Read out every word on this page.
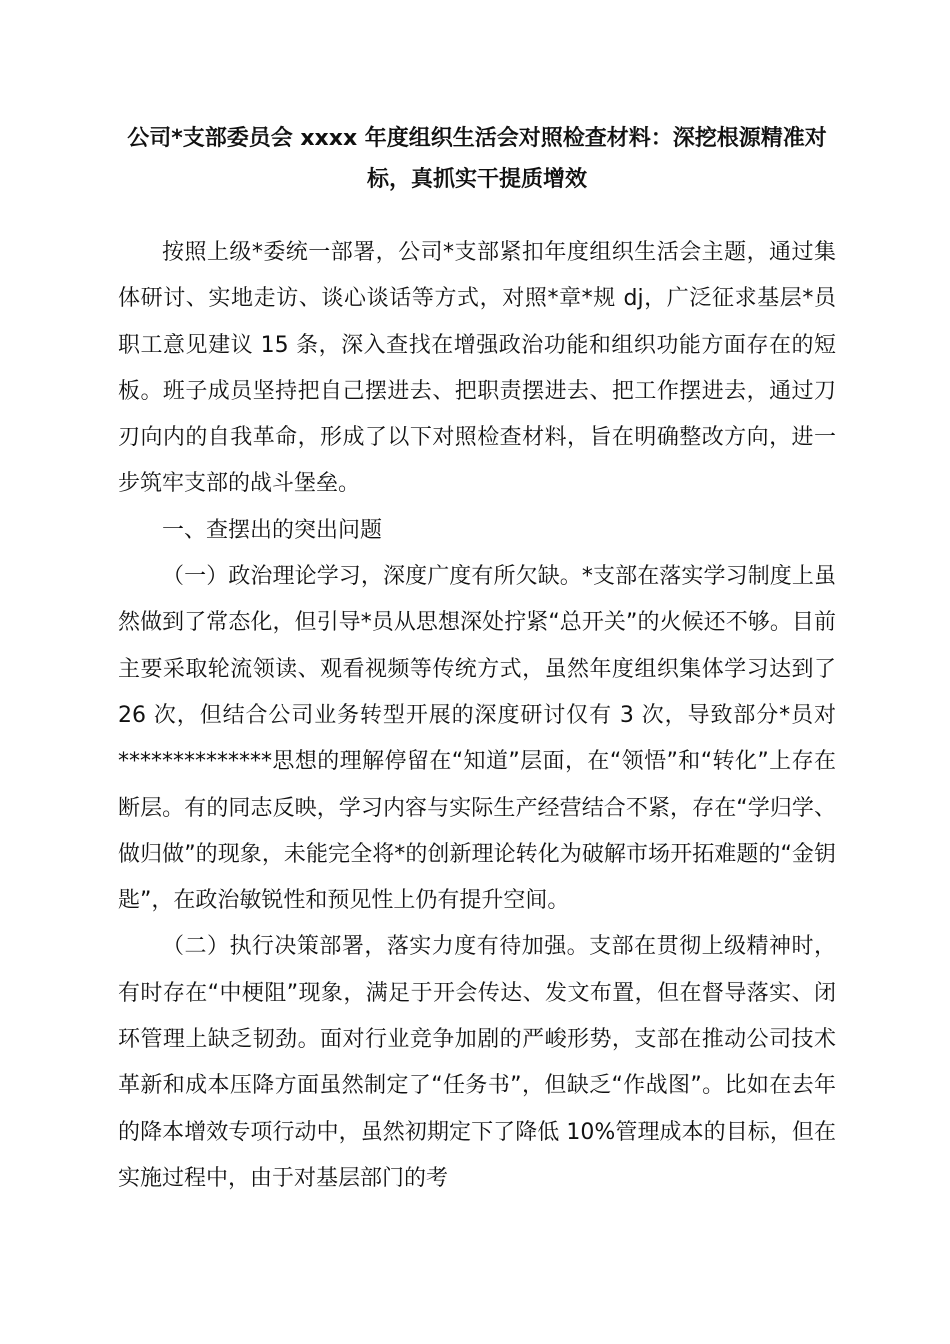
公司*支部委员会 xxxx 年度组织生活会对照检查材料：深挖根源精准对标，真抓实干提质增效

按照上级*委统一部署，公司*支部紧扣年度组织生活会主题，通过集体研讨、实地走访、谈心谈话等方式，对照*章*规 dj，广泛征求基层*员职工意见建议 15 条，深入查找在增强政治功能和组织功能方面存在的短板。班子成员坚持把自己摆进去、把职责摆进去、把工作摆进去，通过刀刃向内的自我革命，形成了以下对照检查材料，旨在明确整改方向，进一步筑牢支部的战斗堡垒。

一、查摆出的突出问题

（一）政治理论学习，深度广度有所欠缺。*支部在落实学习制度上虽然做到了常态化，但引导*员从思想深处拧紧“总开关”的火候还不够。目前主要采取轮流领读、观看视频等传统方式，虽然年度组织集体学习达到了 26 次，但结合公司业务转型开展的深度研讨仅有 3 次，导致部分*员对**************思想的理解停留在“知道”层面，在“领悟”和“转化”上存在断层。有的同志反映，学习内容与实际生产经营结合不紧，存在“学归学、做归做”的现象，未能完全将*的创新理论转化为破解市场开拓难题的“金钥匙”，在政治敏锐性和预见性上仍有提升空间。

（二）执行决策部署，落实力度有待加强。支部在贯彻上级精神时，有时存在“中梗阻”现象，满足于开会传达、发文布置，但在督导落实、闭环管理上缺乏韧劲。面对行业竞争加剧的严峻形势，支部在推动公司技术革新和成本压降方面虽然制定了“任务书”，但缺乏“作战图”。比如在去年的降本增效专项行动中，虽然初期定下了降低 10%管理成本的目标，但在实施过程中，由于对基层部门的考
